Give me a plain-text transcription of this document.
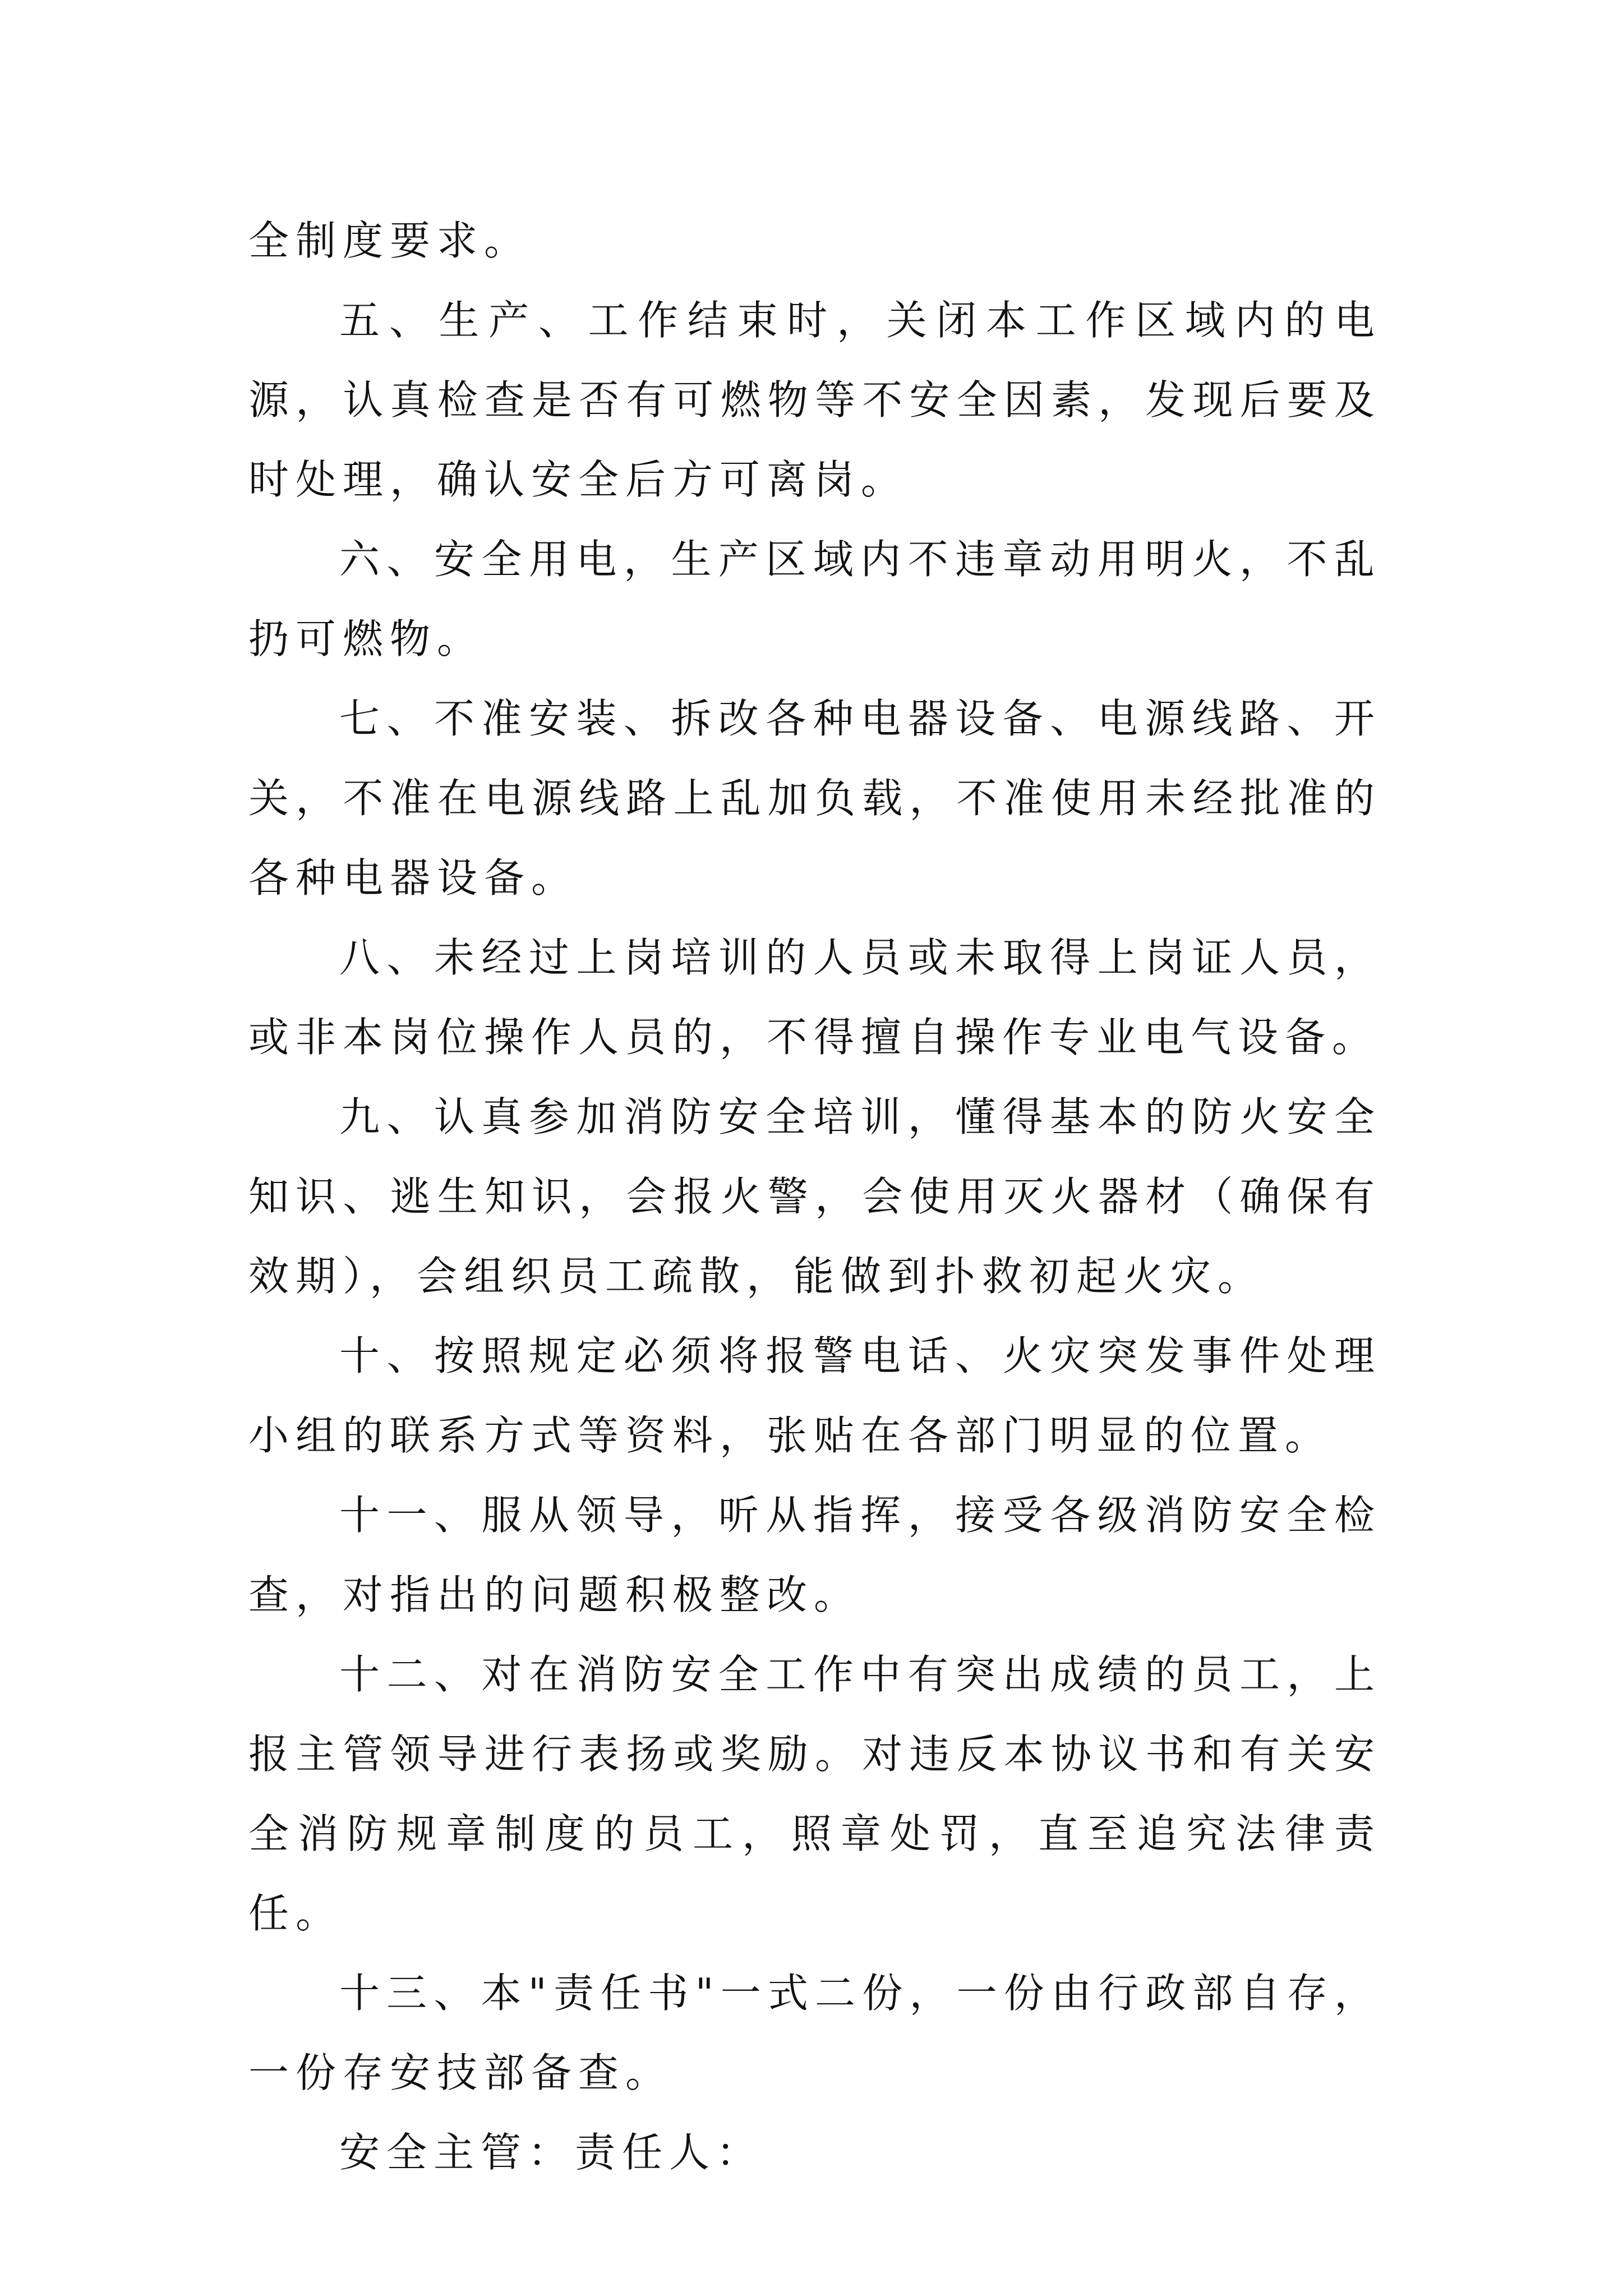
全制度要求。

五、生产、工作结束时，关闭本工作区域内的电源，认真检查是否有可燃物等不安全因素，发现后要及时处理，确认安全后方可离岗。

六、安全用电，生产区域内不违章动用明火，不乱扔可燃物。

七、不准安装、拆改各种电器设备、电源线路、开关，不准在电源线路上乱加负载，不准使用未经批准的各种电器设备。

八、未经过上岗培训的人员或未取得上岗证人员，或非本岗位操作人员的，不得擅自操作专业电气设备。

九、认真参加消防安全培训，懂得基本的防火安全知识、逃生知识，会报火警，会使用灭火器材（确保有效期），会组织员工疏散，能做到扑救初起火灾。

十、按照规定必须将报警电话、火灾突发事件处理小组的联系方式等资料，张贴在各部门明显的位置。

十一、服从领导，听从指挥，接受各级消防安全检查，对指出的问题积极整改。

十二、对在消防安全工作中有突出成绩的员工，上报主管领导进行表扬或奖励。对违反本协议书和有关安全消防规章制度的员工，照章处罚，直至追究法律责任。

十三、本"责任书"一式二份，一份由行政部自存，一份存安技部备查。

安全主管：责任人：
